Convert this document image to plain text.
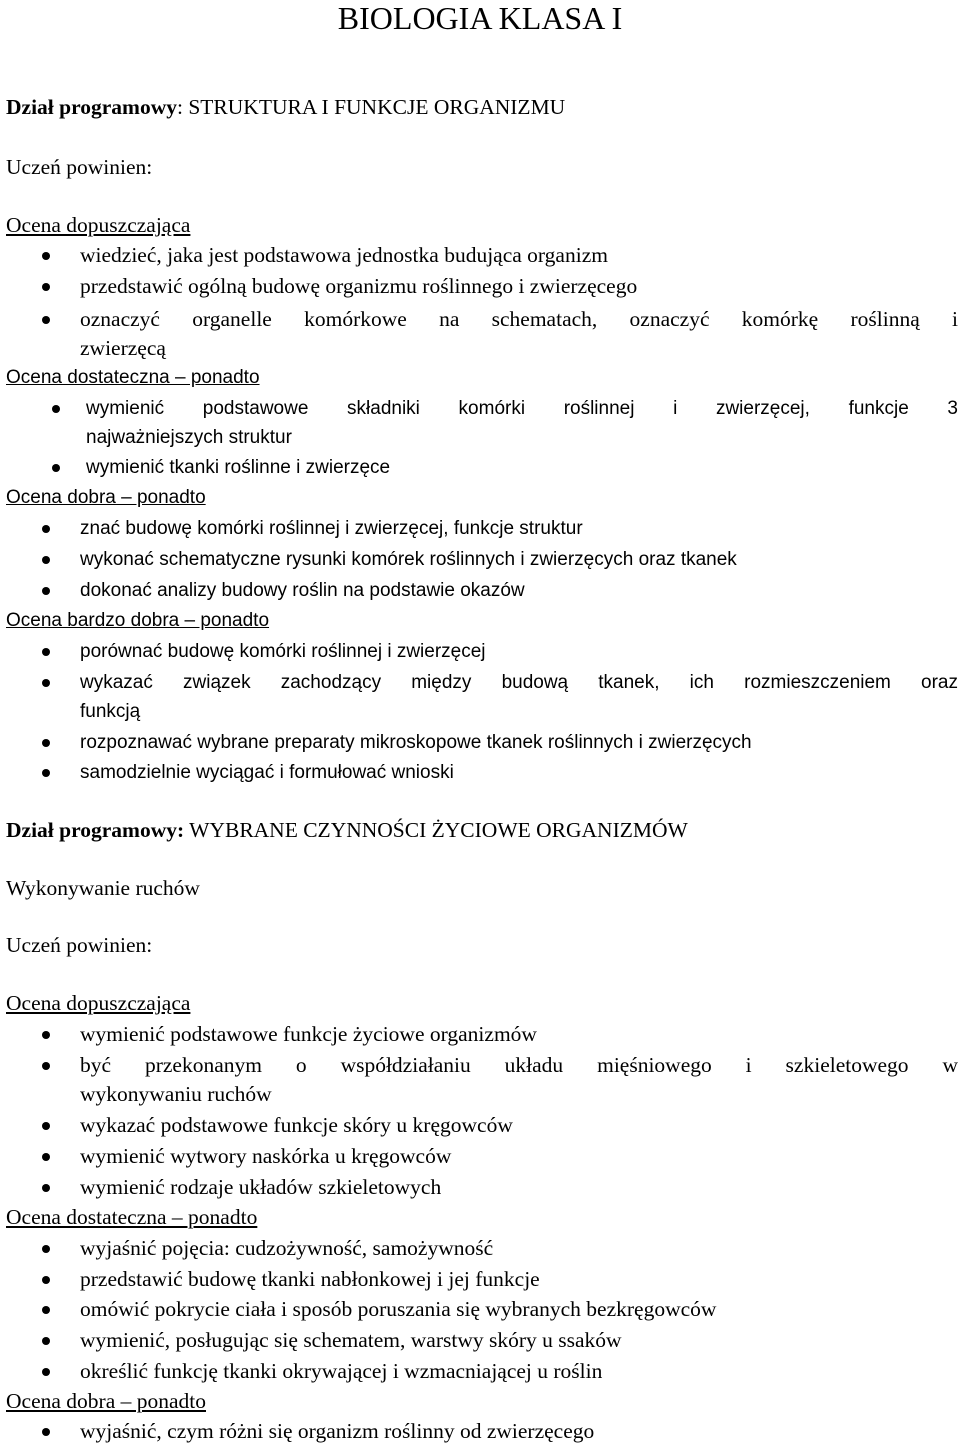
BIOLOGIA KLASA I

Dział programowy: STRUKTURA I FUNKCJE ORGANIZMU

Uczeń powinien:

Ocena dopuszczająca

wiedzieć, jaka jest podstawowa jednostka budująca organizm
przedstawić ogólną budowę organizmu roślinnego i zwierzęcego
oznaczyć organelle komórkowe na schematach, oznaczyć komórkę roślinną i
zwierzęcą

Ocena dostateczna – ponadto

wymienić podstawowe składniki komórki roślinnej i zwierzęcej, funkcje 3
najważniejszych struktur
wymienić tkanki roślinne i zwierzęce

Ocena dobra – ponadto

znać budowę komórki roślinnej i zwierzęcej, funkcje struktur
wykonać schematyczne rysunki komórek roślinnych i zwierzęcych oraz tkanek
dokonać analizy budowy roślin na podstawie okazów

Ocena bardzo dobra – ponadto

porównać budowę komórki roślinnej i zwierzęcej
wykazać związek zachodzący między budową tkanek, ich rozmieszczeniem oraz
funkcją
rozpoznawać wybrane preparaty mikroskopowe tkanek roślinnych i zwierzęcych
samodzielnie wyciągać i formułować wnioski

Dział programowy: WYBRANE CZYNNOŚCI ŻYCIOWE ORGANIZMÓW

Wykonywanie ruchów

Uczeń powinien:

Ocena dopuszczająca

wymienić podstawowe funkcje życiowe organizmów
być przekonanym o współdziałaniu układu mięśniowego i szkieletowego w
wykonywaniu ruchów
wykazać podstawowe funkcje skóry u kręgowców
wymienić wytwory naskórka u kręgowców
wymienić rodzaje układów szkieletowych

Ocena dostateczna – ponadto

wyjaśnić pojęcia: cudzożywność, samożywność
przedstawić budowę tkanki nabłonkowej i jej funkcje
omówić pokrycie ciała i sposób poruszania się wybranych bezkręgowców
wymienić, posługując się schematem, warstwy skóry u ssaków
określić funkcję tkanki okrywającej i wzmacniającej u roślin

Ocena dobra – ponadto

wyjaśnić, czym różni się organizm roślinny od zwierzęcego
